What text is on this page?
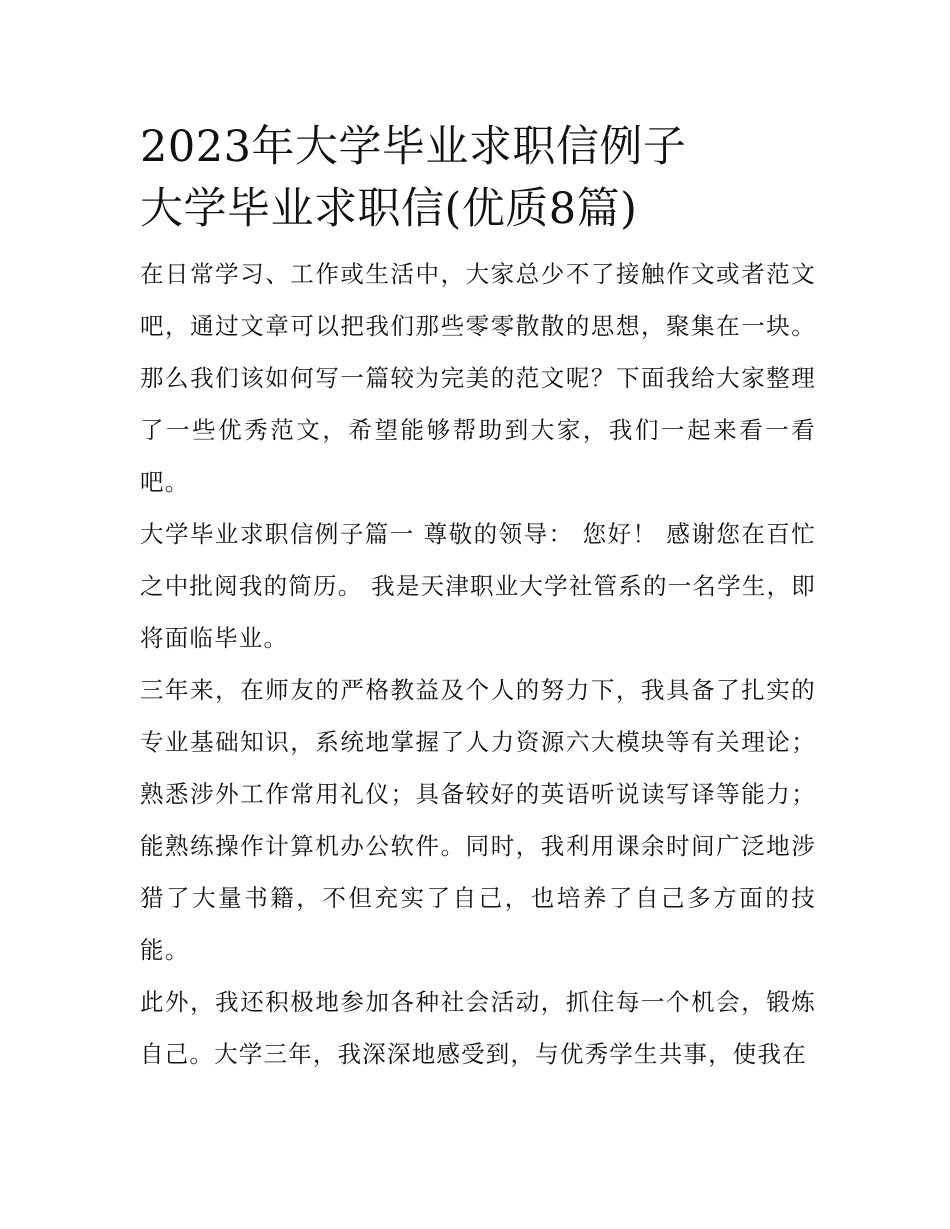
2023年大学毕业求职信例子
大学毕业求职信(优质8篇)
在日常学习、工作或生活中，大家总少不了接触作文或者范文吧，通过文章可以把我们那些零零散散的思想，聚集在一块。那么我们该如何写一篇较为完美的范文呢？下面我给大家整理了一些优秀范文，希望能够帮助到大家，我们一起来看一看吧。
大学毕业求职信例子篇一 尊敬的领导： 您好！ 感谢您在百忙之中批阅我的简历。 我是天津职业大学社管系的一名学生，即将面临毕业。
三年来，在师友的严格教益及个人的努力下，我具备了扎实的专业基础知识，系统地掌握了人力资源六大模块等有关理论；熟悉涉外工作常用礼仪；具备较好的英语听说读写译等能力；能熟练操作计算机办公软件。同时，我利用课余时间广泛地涉猎了大量书籍，不但充实了自己，也培养了自己多方面的技能。
此外，我还积极地参加各种社会活动，抓住每一个机会，锻炼自己。大学三年，我深深地感受到，与优秀学生共事，使我在
